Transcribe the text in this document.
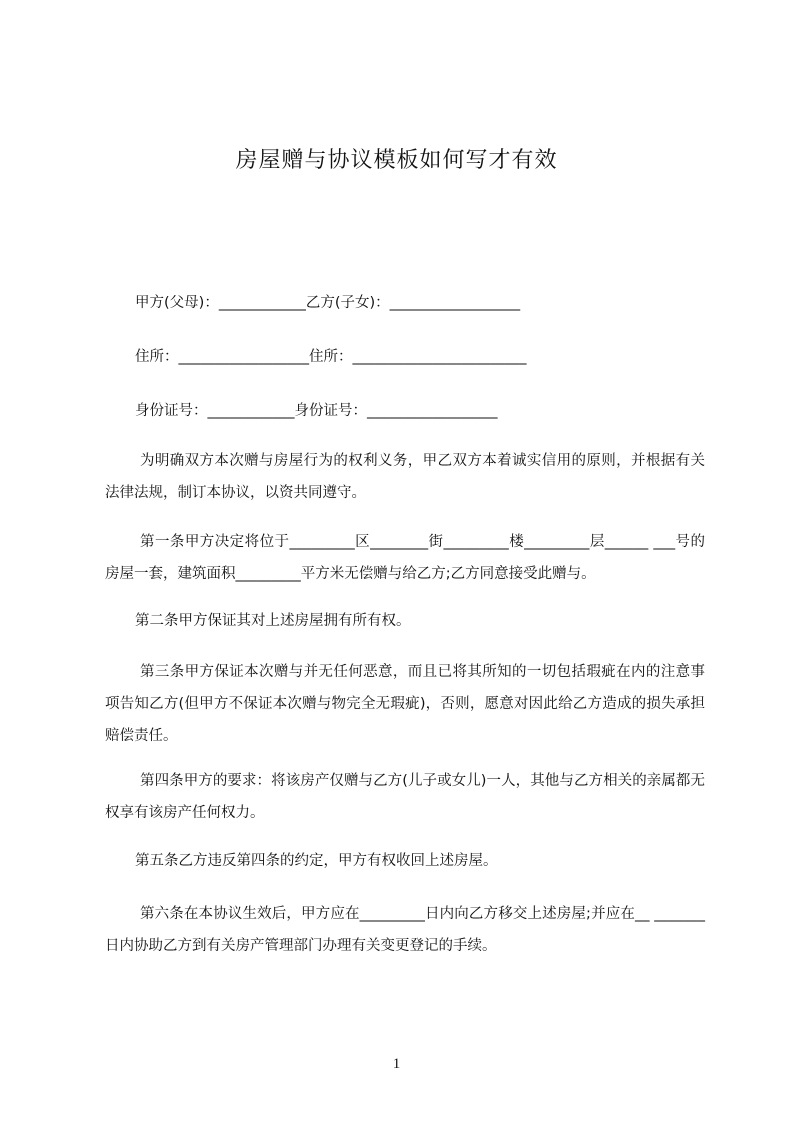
房屋赠与协议模板如何写才有效
甲方(父母)：____________乙方(子女)：__________________
住所：__________________住所：________________________
身份证号：____________身份证号：__________________
为明确双方本次赠与房屋行为的权利义务，甲乙双方本着诚实信用的原则，并根据有关法律法规，制订本协议，以资共同遵守。
第一条甲方决定将位于_________区________街_________楼_________层______ ___号的房屋一套，建筑面积_________平方米无偿赠与给乙方;乙方同意接受此赠与。
第二条甲方保证其对上述房屋拥有所有权。
第三条甲方保证本次赠与并无任何恶意，而且已将其所知的一切包括瑕疵在内的注意事项告知乙方(但甲方不保证本次赠与物完全无瑕疵)，否则，愿意对因此给乙方造成的损失承担赔偿责任。
第四条甲方的要求：将该房产仅赠与乙方(儿子或女儿)一人，其他与乙方相关的亲属都无权享有该房产任何权力。
第五条乙方违反第四条的约定，甲方有权收回上述房屋。
第六条在本协议生效后，甲方应在_________日内向乙方移交上述房屋;并应在__ _______日内协助乙方到有关房产管理部门办理有关变更登记的手续。
1
